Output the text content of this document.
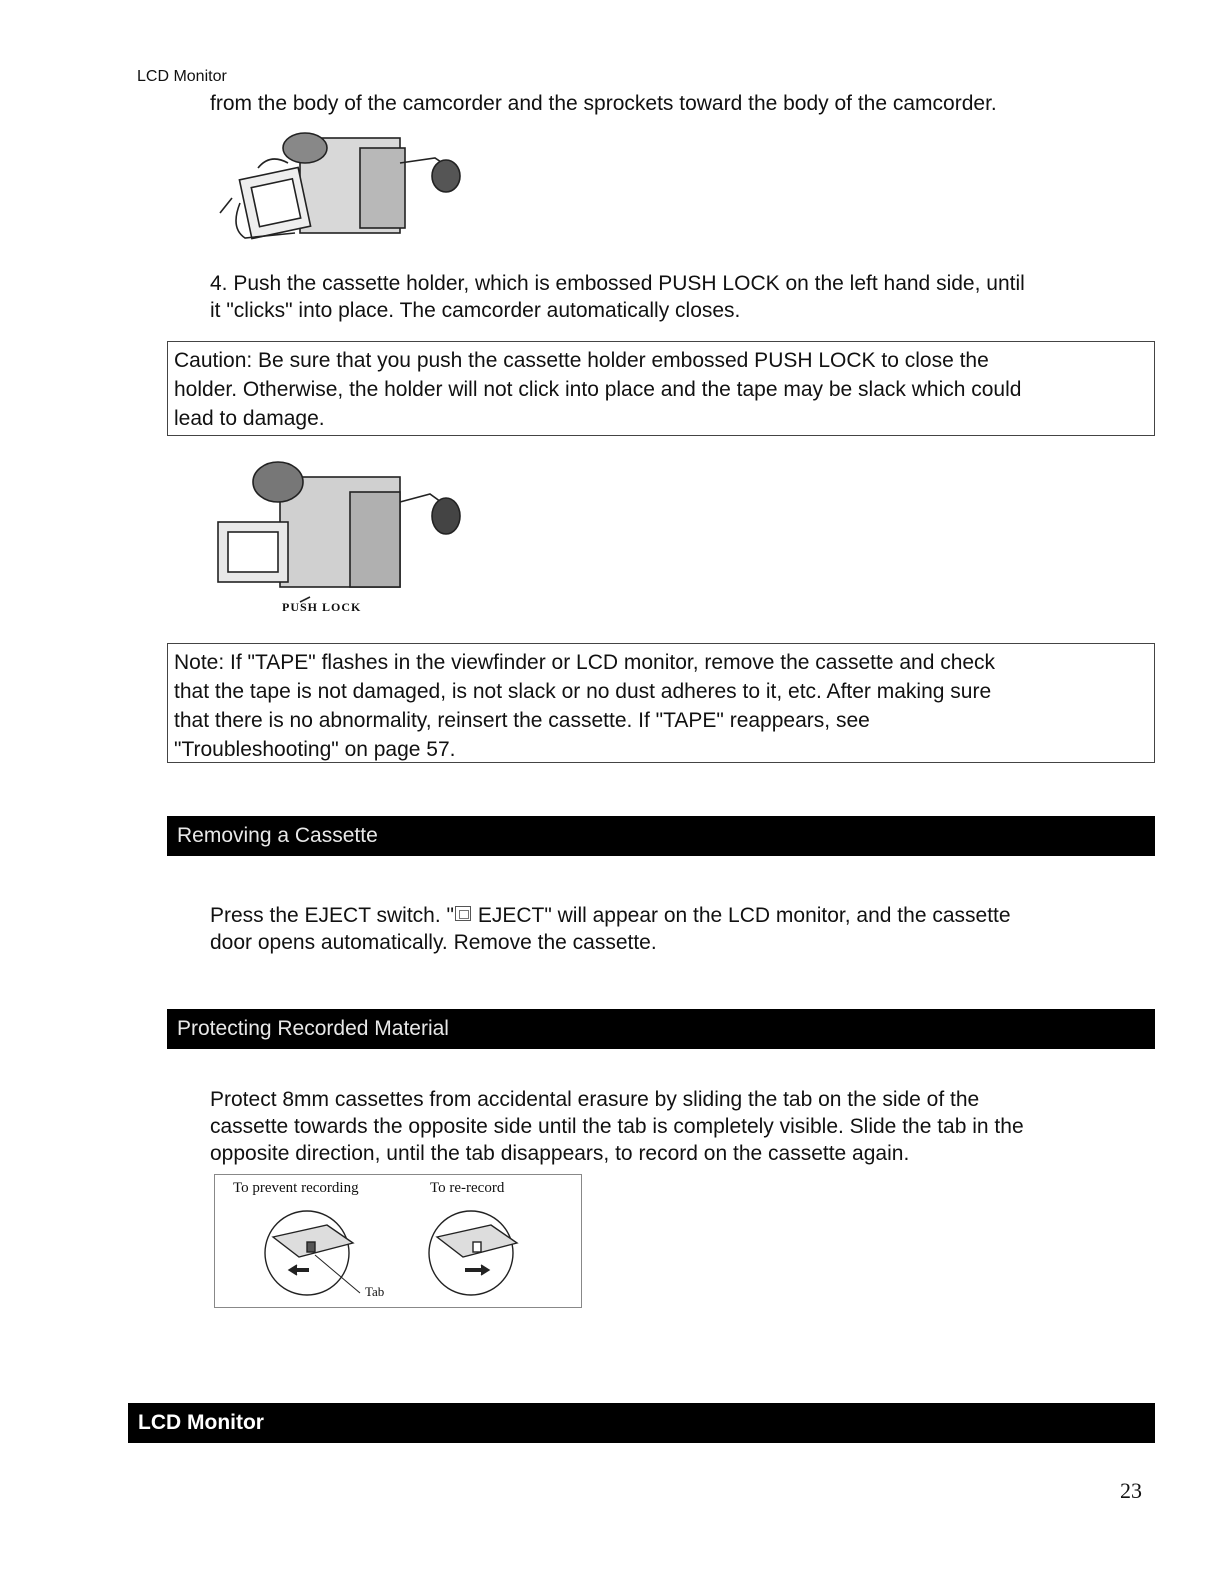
LCD Monitor
from the body of the camcorder and the sprockets toward the body of the camcorder.
4. Push the cassette holder, which is embossed PUSH LOCK on the left hand side, until
it "clicks" into place. The camcorder automatically closes.
Caution: Be sure that you push the cassette holder embossed PUSH LOCK to close the
holder. Otherwise, the holder will not click into place and the tape may be slack which could
lead to damage.
PUSH LOCK
Note: If "TAPE" flashes in the viewfinder or LCD monitor, remove the cassette and check
that the tape is not damaged, is not slack or no dust adheres to it, etc. After making sure
that there is no abnormality, reinsert the cassette. If "TAPE" reappears, see
"Troubleshooting" on page 57.
Removing a Cassette
Press the EJECT switch. "
EJECT" will appear on the LCD monitor, and the cassette
door opens automatically. Remove the cassette.
Protecting Recorded Material
Protect 8mm cassettes from accidental erasure by sliding the tab on the side of the
cassette towards the opposite side until the tab is completely visible. Slide the tab in the
opposite direction, until the tab disappears, to record on the cassette again.
To prevent recording	To re-record
Tab
LCD Monitor
23
